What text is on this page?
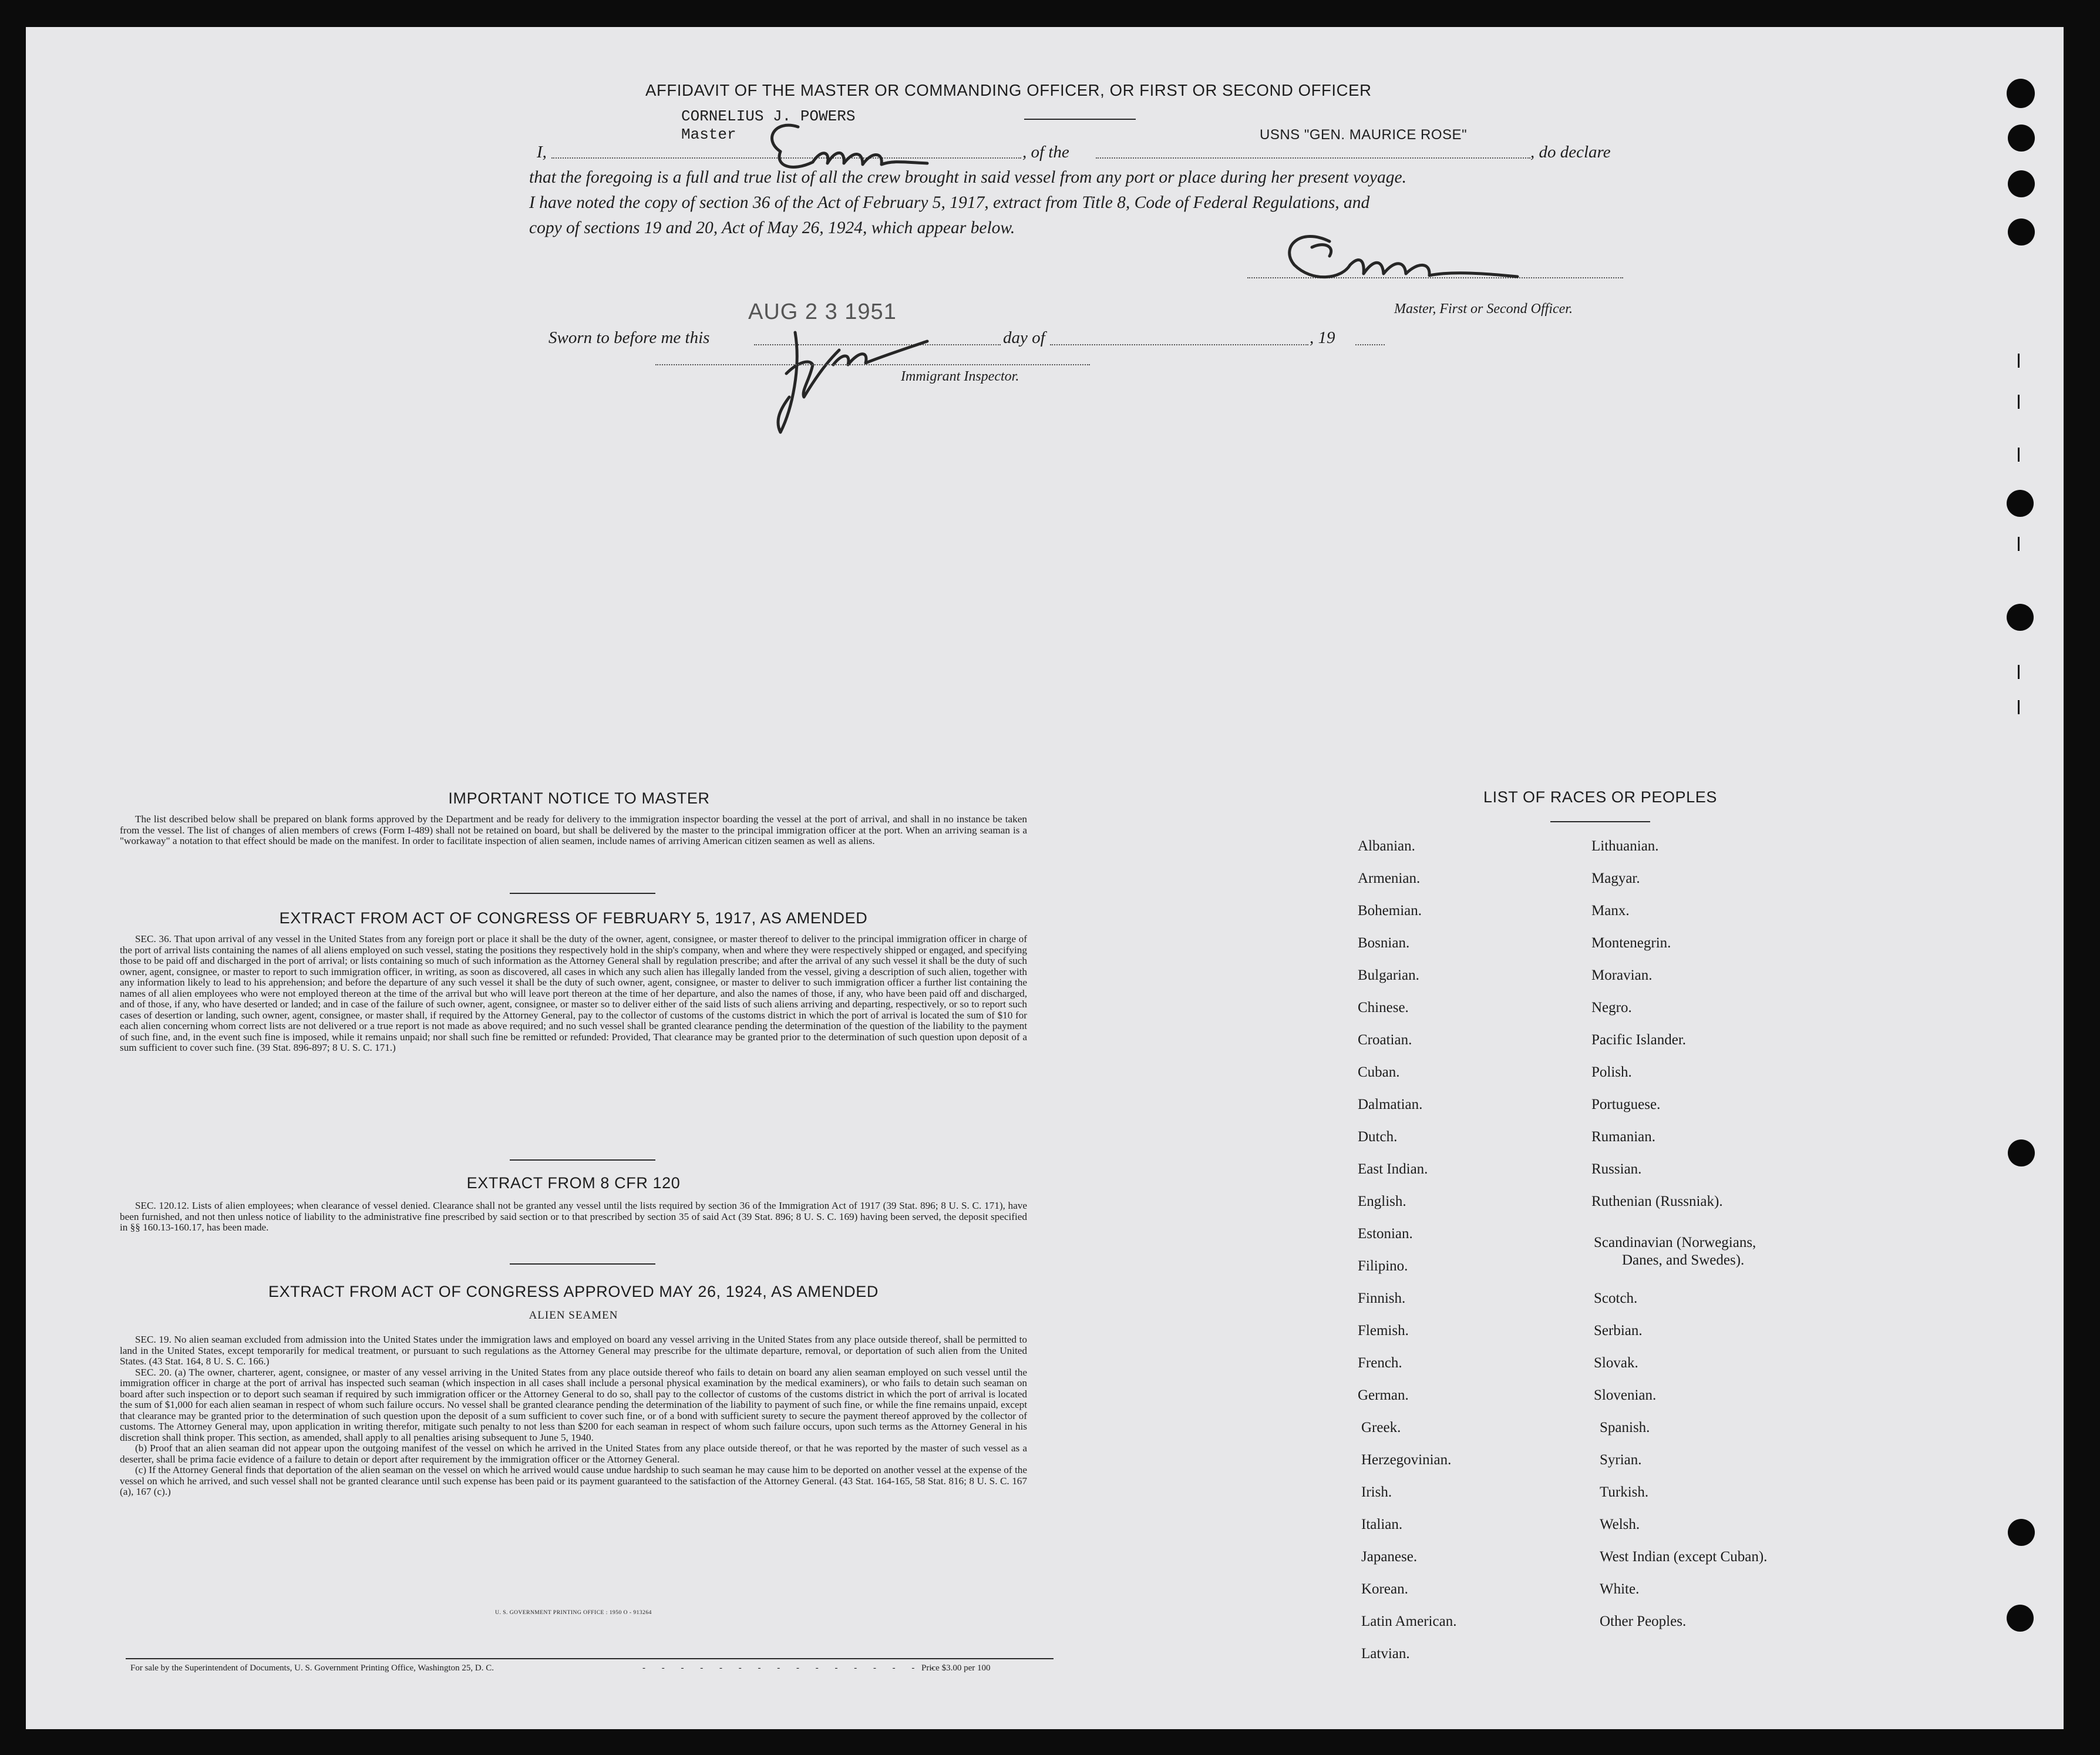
AFFIDAVIT OF THE MASTER OR COMMANDING OFFICER, OR FIRST OR SECOND OFFICER
CORNELIUS J. POWERS
Master	USNS "GEN. MAURICE ROSE"
I,	, of the	, do declare
that the foregoing is a full and true list of all the crew brought in said vessel from any port or place during her present voyage.
I have noted the copy of section 36 of the Act of February 5, 1917, extract from Title 8, Code of Federal Regulations, and
copy of sections 19 and 20, Act of May 26, 1924, which appear below.
Master, First or Second Officer.
AUG 2 3 1951
Sworn to before me this	day of	, 19
Immigrant Inspector.
IMPORTANT NOTICE TO MASTER

The list described below shall be prepared on blank forms approved by the Department and be ready for delivery to the immigration inspector boarding the vessel at the port of arrival, and shall in no instance be taken from the vessel. The list of changes of alien members of crews (Form I-489) shall not be retained on board, but shall be delivered by the master to the principal immigration officer at the port. When an arriving seaman is a "workaway" a notation to that effect should be made on the manifest. In order to facilitate inspection of alien seamen, include names of arriving American citizen seamen as well as aliens.

EXTRACT FROM ACT OF CONGRESS OF FEBRUARY 5, 1917, AS AMENDED

SEC. 36. That upon arrival of any vessel in the United States from any foreign port or place it shall be the duty of the owner, agent, consignee, or master thereof to deliver to the principal immigration officer in charge of the port of arrival lists containing the names of all aliens employed on such vessel, stating the positions they respectively hold in the ship's company, when and where they were respectively shipped or engaged, and specifying those to be paid off and discharged in the port of arrival; or lists containing so much of such information as the Attorney General shall by regulation prescribe; and after the arrival of any such vessel it shall be the duty of such owner, agent, consignee, or master to report to such immigration officer, in writing, as soon as discovered, all cases in which any such alien has illegally landed from the vessel, giving a description of such alien, together with any information likely to lead to his apprehension; and before the departure of any such vessel it shall be the duty of such owner, agent, consignee, or master to deliver to such immigration officer a further list containing the names of all alien employees who were not employed thereon at the time of the arrival but who will leave port thereon at the time of her departure, and also the names of those, if any, who have been paid off and discharged, and of those, if any, who have deserted or landed; and in case of the failure of such owner, agent, consignee, or master so to deliver either of the said lists of such aliens arriving and departing, respectively, or so to report such cases of desertion or landing, such owner, agent, consignee, or master shall, if required by the Attorney General, pay to the collector of customs of the customs district in which the port of arrival is located the sum of $10 for each alien concerning whom correct lists are not delivered or a true report is not made as above required; and no such vessel shall be granted clearance pending the determination of the question of the liability to the payment of such fine, and, in the event such fine is imposed, while it remains unpaid; nor shall such fine be remitted or refunded: Provided, That clearance may be granted prior to the determination of such question upon deposit of a sum sufficient to cover such fine. (39 Stat. 896-897; 8 U. S. C. 171.)

EXTRACT FROM 8 CFR 120

SEC. 120.12. Lists of alien employees; when clearance of vessel denied. Clearance shall not be granted any vessel until the lists required by section 36 of the Immigration Act of 1917 (39 Stat. 896; 8 U. S. C. 171), have been furnished, and not then unless notice of liability to the administrative fine prescribed by said section or to that prescribed by section 35 of said Act (39 Stat. 896; 8 U. S. C. 169) having been served, the deposit specified in §§ 160.13-160.17, has been made.

EXTRACT FROM ACT OF CONGRESS APPROVED MAY 26, 1924, AS AMENDED
ALIEN SEAMEN

SEC. 19. No alien seaman excluded from admission into the United States under the immigration laws and employed on board any vessel arriving in the United States from any place outside thereof, shall be permitted to land in the United States, except temporarily for medical treatment, or pursuant to such regulations as the Attorney General may prescribe for the ultimate departure, removal, or deportation of such alien from the United States. (43 Stat. 164, 8 U. S. C. 166.)

SEC. 20. (a) The owner, charterer, agent, consignee, or master of any vessel arriving in the United States from any place outside thereof who fails to detain on board any alien seaman employed on such vessel until the immigration officer in charge at the port of arrival has inspected such seaman (which inspection in all cases shall include a personal physical examination by the medical examiners), or who fails to detain such seaman on board after such inspection or to deport such seaman if required by such immigration officer or the Attorney General to do so, shall pay to the collector of customs of the customs district in which the port of arrival is located the sum of $1,000 for each alien seaman in respect of whom such failure occurs. No vessel shall be granted clearance pending the determination of the liability to payment of such fine, or while the fine remains unpaid, except that clearance may be granted prior to the determination of such question upon the deposit of a sum sufficient to cover such fine, or of a bond with sufficient surety to secure the payment thereof approved by the collector of customs. The Attorney General may, upon application in writing therefor, mitigate such penalty to not less than $200 for each seaman in respect of whom such failure occurs, upon such terms as the Attorney General in his discretion shall think proper. This section, as amended, shall apply to all penalties arising subsequent to June 5, 1940.

(b) Proof that an alien seaman did not appear upon the outgoing manifest of the vessel on which he arrived in the United States from any place outside thereof, or that he was reported by the master of such vessel as a deserter, shall be prima facie evidence of a failure to detain or deport after requirement by the immigration officer or the Attorney General.

(c) If the Attorney General finds that deportation of the alien seaman on the vessel on which he arrived would cause undue hardship to such seaman he may cause him to be deported on another vessel at the expense of the vessel on which he arrived, and such vessel shall not be granted clearance until such expense has been paid or its payment guaranteed to the satisfaction of the Attorney General. (43 Stat. 164-165, 58 Stat. 816; 8 U. S. C. 167 (a), 167 (c).)

U. S. GOVERNMENT PRINTING OFFICE : 1950 O - 913264
For sale by the Superintendent of Documents, U. S. Government Printing Office, Washington 25, D. C.	- - - - - - - - - - - - - - - -
Price $3.00 per 100
LIST OF RACES OR PEOPLES
Albanian.
Armenian.
Bohemian.
Bosnian.
Bulgarian.
Chinese.
Croatian.
Cuban.
Dalmatian.
Dutch.
East Indian.
English.
Estonian.
Filipino.
Finnish.
Flemish.
French.
German.
Greek.
Herzegovinian.
Irish.
Italian.
Japanese.
Korean.
Latin American.
Latvian.
Lithuanian.
Magyar.
Manx.
Montenegrin.
Moravian.
Negro.
Pacific Islander.
Polish.
Portuguese.
Rumanian.
Russian.
Ruthenian (Russniak).
Scandinavian (Norwegians,
Danes, and Swedes).
Scotch.
Serbian.
Slovak.
Slovenian.
Spanish.
Syrian.
Turkish.
Welsh.
West Indian (except Cuban).
White.
Other Peoples.
